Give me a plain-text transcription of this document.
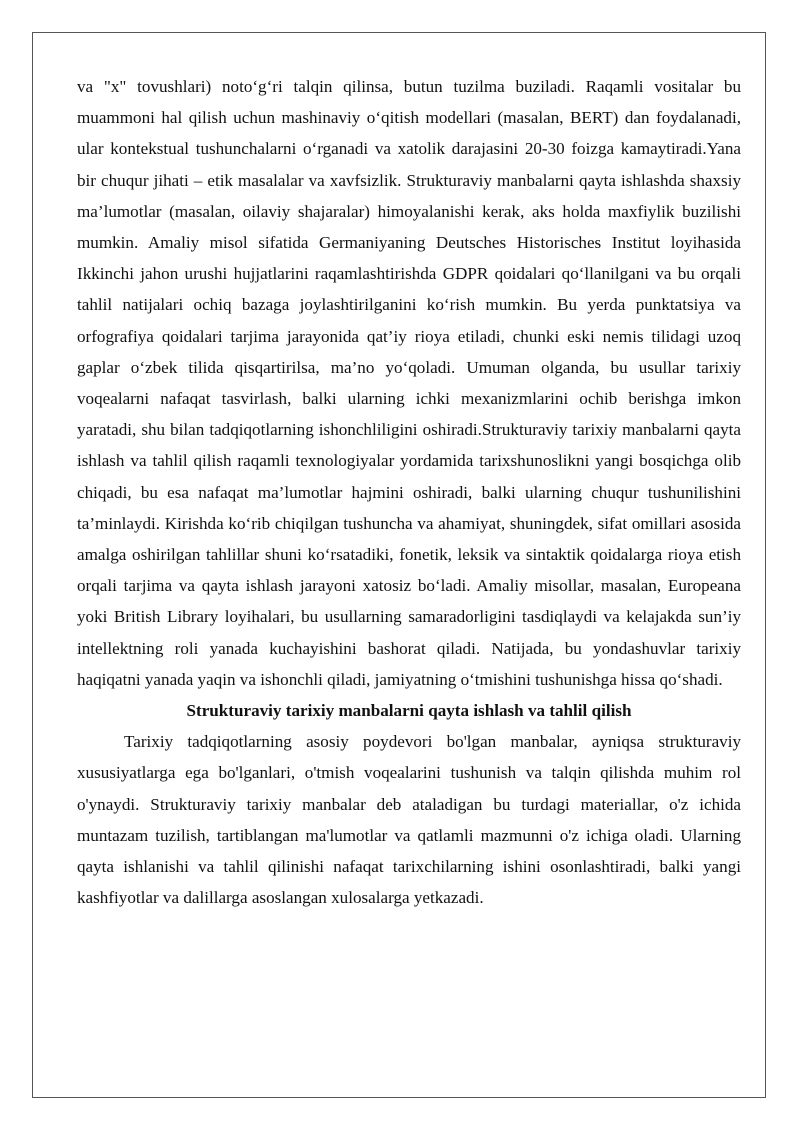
va "x" tovushlari) noto‘g‘ri talqin qilinsa, butun tuzilma buziladi. Raqamli vositalar bu muammoni hal qilish uchun mashinaviy o‘qitish modellari (masalan, BERT) dan foydalanadi, ular kontekstual tushunchalarni o‘rganadi va xatolik darajasini 20-30 foizga kamaytiradi.Yana bir chuqur jihati – etik masalalar va xavfsizlik. Strukturaviy manbalarni qayta ishlashda shaxsiy ma’lumotlar (masalan, oilaviy shajaralar) himoyalanishi kerak, aks holda maxfiylik buzilishi mumkin. Amaliy misol sifatida Germaniyaning Deutsches Historisches Institut loyihasida Ikkinchi jahon urushi hujjatlarini raqamlashtirishda GDPR qoidalari qo‘llanilgani va bu orqali tahlil natijalari ochiq bazaga joylashtirilganini ko‘rish mumkin. Bu yerda punktatsiya va orfografiya qoidalari tarjima jarayonida qat’iy rioya etiladi, chunki eski nemis tilidagi uzoq gaplar o‘zbek tilida qisqartirilsa, ma’no yo‘qoladi. Umuman olganda, bu usullar tarixiy voqealarni nafaqat tasvirlash, balki ularning ichki mexanizmlarini ochib berishga imkon yaratadi, shu bilan tadqiqotlarning ishonchliligini oshiradi.Strukturaviy tarixiy manbalarni qayta ishlash va tahlil qilish raqamli texnologiyalar yordamida tarixshunoslikni yangi bosqichga olib chiqadi, bu esa nafaqat ma’lumotlar hajmini oshiradi, balki ularning chuqur tushunilishini ta’minlaydi. Kirishda ko‘rib chiqilgan tushuncha va ahamiyat, shuningdek, sifat omillari asosida amalga oshirilgan tahlillar shuni ko‘rsatadiki, fonetik, leksik va sintaktik qoidalarga rioya etish orqali tarjima va qayta ishlash jarayoni xatosiz bo‘ladi. Amaliy misollar, masalan, Europeana yoki British Library loyihalari, bu usullarning samaradorligini tasdiqlaydi va kelajakda sun’iy intellektning roli yanada kuchayishini bashorat qiladi. Natijada, bu yondashuvlar tarixiy haqiqatni yanada yaqin va ishonchli qiladi, jamiyatning o‘tmishini tushunishga hissa qo‘shadi.

Strukturaviy tarixiy manbalarni qayta ishlash va tahlil qilish

Tarixiy tadqiqotlarning asosiy poydevori bo'lgan manbalar, ayniqsa strukturaviy xususiyatlarga ega bo'lganlari, o'tmish voqealarini tushunish va talqin qilishda muhim rol o'ynaydi. Strukturaviy tarixiy manbalar deb ataladigan bu turdagi materiallar, o'z ichida muntazam tuzilish, tartiblangan ma'lumotlar va qatlamli mazmunni o'z ichiga oladi. Ularning qayta ishlanishi va tahlil qilinishi nafaqat tarixchilarning ishini osonlashtiradi, balki yangi kashfiyotlar va dalillarga asoslangan xulosalarga yetkazadi.
